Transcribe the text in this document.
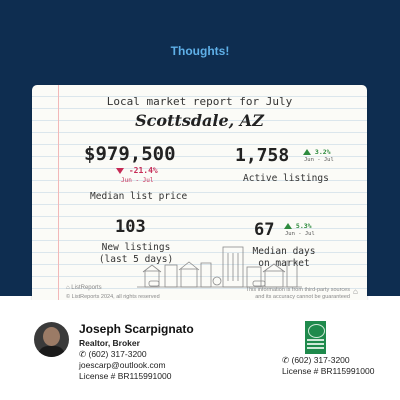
Thoughts!
Local market report for July
Scottsdale, AZ
$979,500
-21.4%
Jun - Jul
Median list price
1,758	3.2%
Jun - Jul
Active listings
103
New listings
(last 5 days)
67	5.3%
Jun - Jul
Median days
on market
⌂ ListReports
© ListReports 2024, all rights reserved
This information is from third-party sources
and its accuracy cannot be guaranteed
⌂
Joseph Scarpignato
Realtor, Broker
✆ (602) 317-3200
joescarp@outlook.com
License # BR115991000
✆ (602) 317-3200
License # BR115991000
